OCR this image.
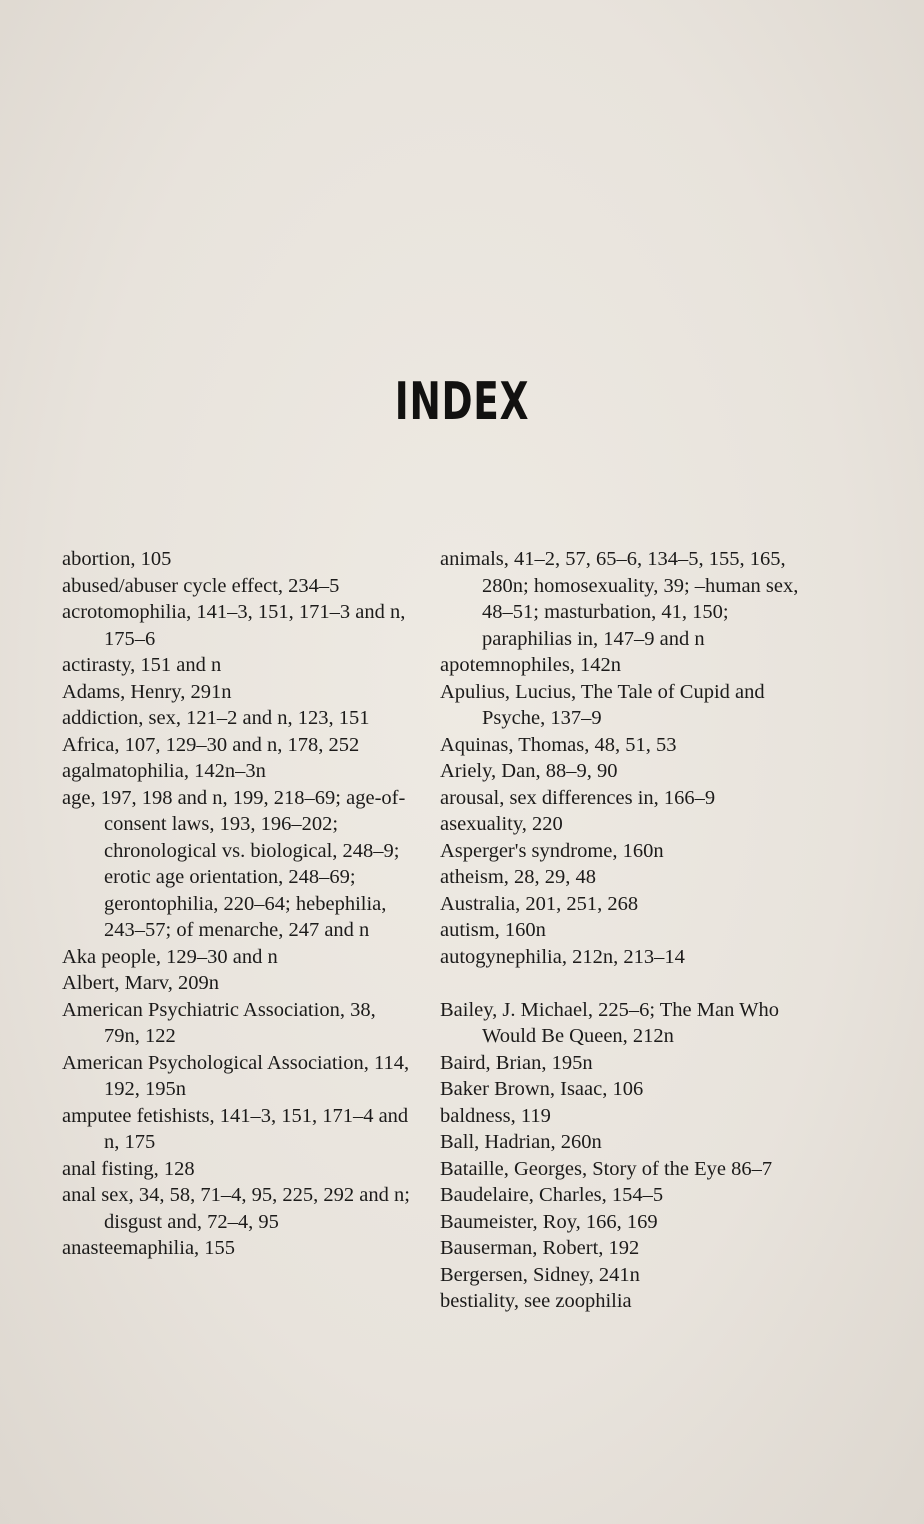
INDEX
abortion, 105
abused/abuser cycle effect, 234–5
acrotomophilia, 141–3, 151, 171–3 and n, 175–6
actirasty, 151 and n
Adams, Henry, 291n
addiction, sex, 121–2 and n, 123, 151
Africa, 107, 129–30 and n, 178, 252
agalmatophilia, 142n–3n
age, 197, 198 and n, 199, 218–69; age-of-consent laws, 193, 196–202; chronological vs. biological, 248–9; erotic age orientation, 248–69; gerontophilia, 220–64; hebephilia, 243–57; of menarche, 247 and n
Aka people, 129–30 and n
Albert, Marv, 209n
American Psychiatric Association, 38, 79n, 122
American Psychological Association, 114, 192, 195n
amputee fetishists, 141–3, 151, 171–4 and n, 175
anal fisting, 128
anal sex, 34, 58, 71–4, 95, 225, 292 and n; disgust and, 72–4, 95
anasteemaphilia, 155
animals, 41–2, 57, 65–6, 134–5, 155, 165, 280n; homosexuality, 39; –human sex, 48–51; masturbation, 41, 150; paraphilias in, 147–9 and n
apotemnophiles, 142n
Apulius, Lucius, The Tale of Cupid and Psyche, 137–9
Aquinas, Thomas, 48, 51, 53
Ariely, Dan, 88–9, 90
arousal, sex differences in, 166–9
asexuality, 220
Asperger's syndrome, 160n
atheism, 28, 29, 48
Australia, 201, 251, 268
autism, 160n
autogynephilia, 212n, 213–14
Bailey, J. Michael, 225–6; The Man Who Would Be Queen, 212n
Baird, Brian, 195n
Baker Brown, Isaac, 106
baldness, 119
Ball, Hadrian, 260n
Bataille, Georges, Story of the Eye 86–7
Baudelaire, Charles, 154–5
Baumeister, Roy, 166, 169
Bauserman, Robert, 192
Bergersen, Sidney, 241n
bestiality, see zoophilia
